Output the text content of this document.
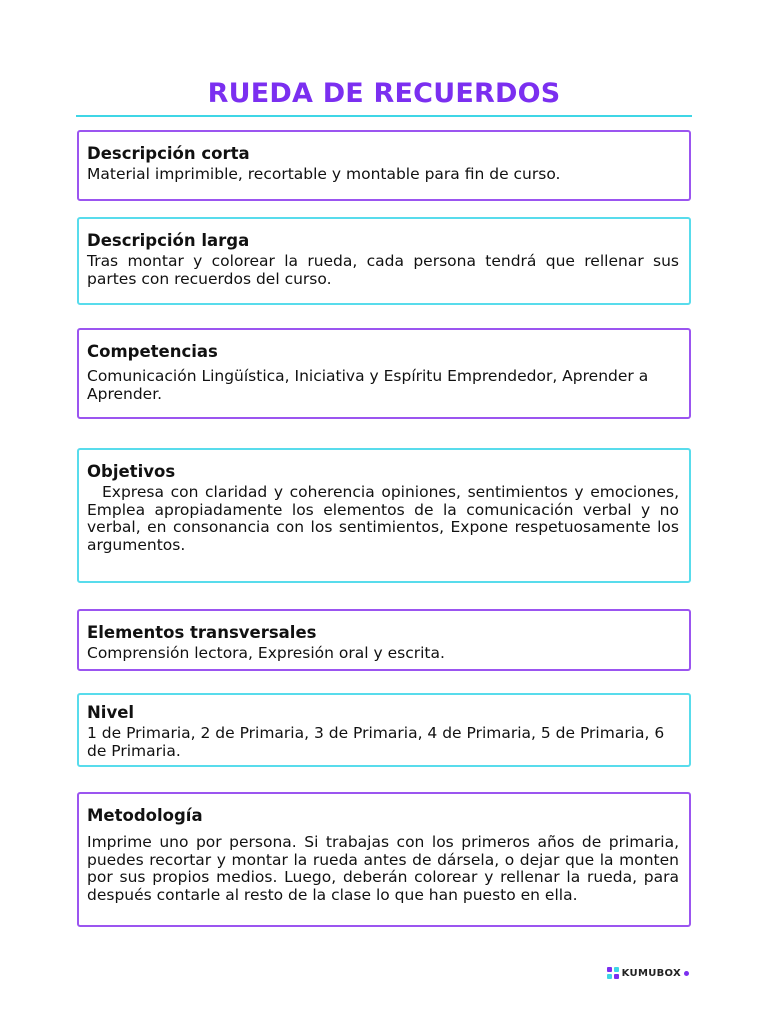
RUEDA DE RECUERDOS
Descripción corta

Material imprimible, recortable y montable para fin de curso.

Descripción larga

Tras montar y colorear la rueda, cada persona tendrá que rellenar sus partes con recuerdos del curso.

Competencias

Comunicación Lingüística, Iniciativa y Espíritu Emprendedor, Aprender a Aprender.

Objetivos

Expresa con claridad y coherencia opiniones, sentimientos y emociones, Emplea apropiadamente los elementos de la comunicación verbal y no verbal, en consonancia con los sentimientos, Expone respetuosamente los argumentos.

Elementos transversales

Comprensión lectora, Expresión oral y escrita.

Nivel

1 de Primaria, 2 de Primaria, 3 de Primaria, 4 de Primaria, 5 de Primaria, 6 de Primaria.

Metodología

Imprime uno por persona. Si trabajas con los primeros años de primaria, puedes recortar y montar la rueda antes de dársela, o dejar que la monten por sus propios medios. Luego, deberán colorear y rellenar la rueda, para después contarle al resto de la clase lo que han puesto en ella.

KUMUBOX
